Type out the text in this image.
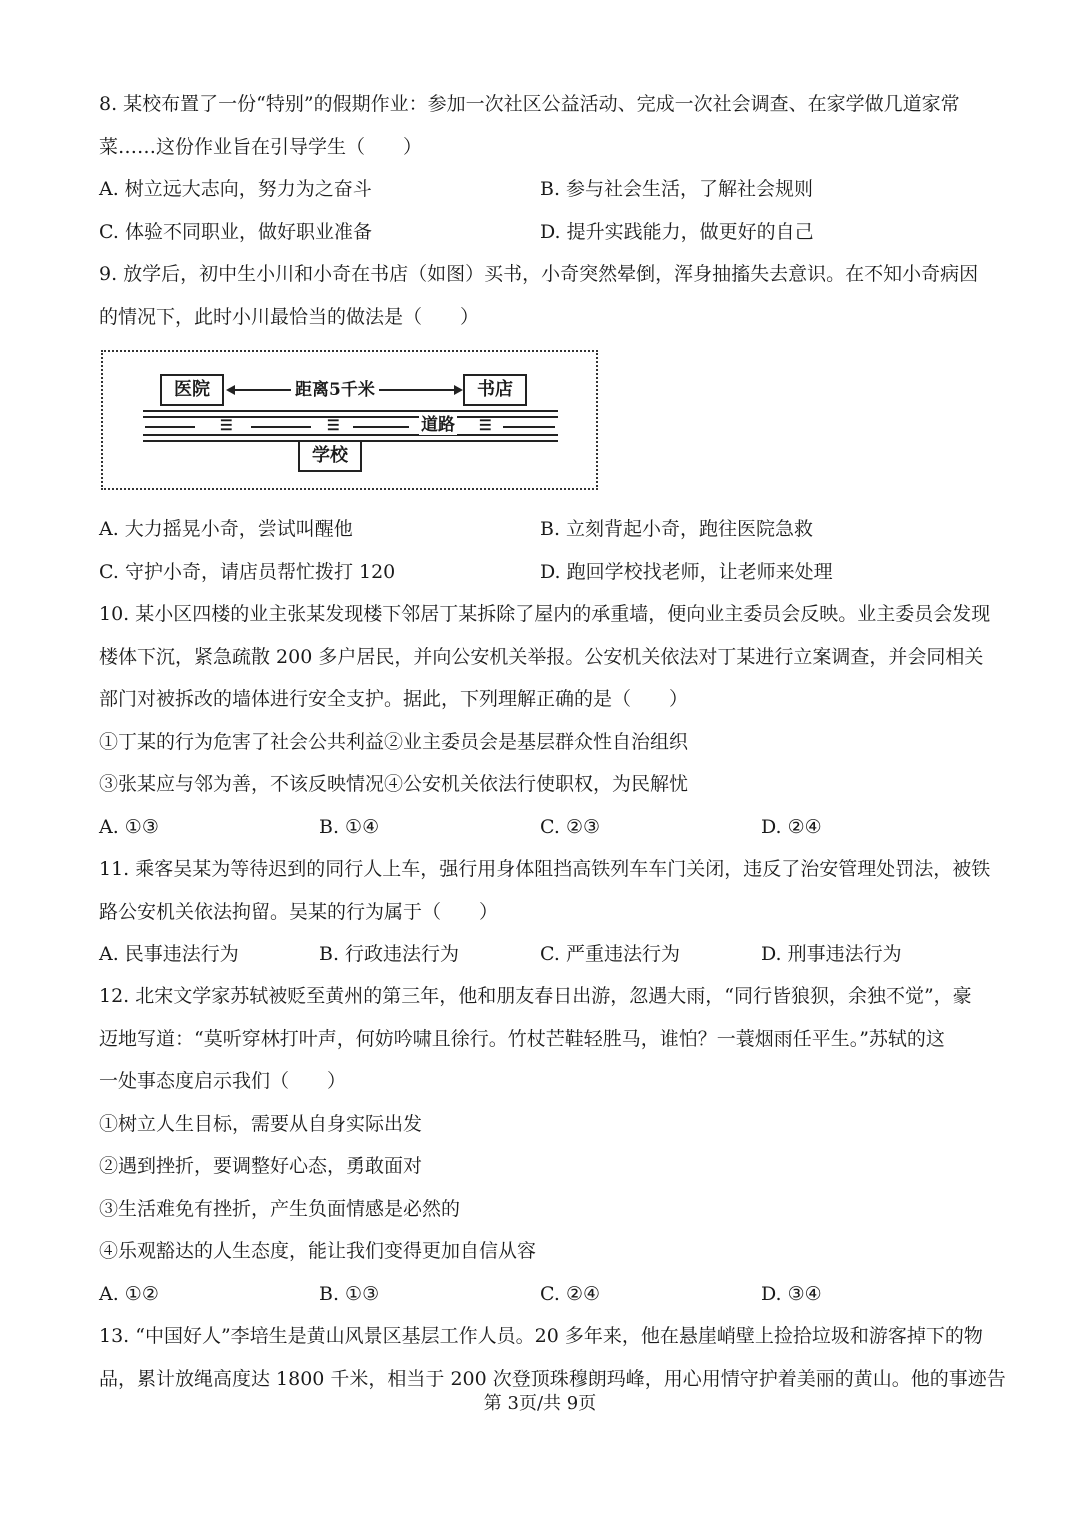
8. 某校布置了一份“特别”的假期作业：参加一次社区公益活动、完成一次社会调查、在家学做几道家常
菜……这份作业旨在引导学生（　　）
A. 树立远大志向，努力为之奋斗	B. 参与社会生活，了解社会规则
C. 体验不同职业，做好职业准备	D. 提升实践能力，做更好的自己
9. 放学后，初中生小川和小奇在书店（如图）买书，小奇突然晕倒，浑身抽搐失去意识。在不知小奇病因
的情况下，此时小川最恰当的做法是（　　）
医院	书店
距离5千米
☰	☰	☰
道路
学校
A. 大力摇晃小奇，尝试叫醒他	B. 立刻背起小奇，跑往医院急救
C. 守护小奇，请店员帮忙拨打 120	D. 跑回学校找老师，让老师来处理
10. 某小区四楼的业主张某发现楼下邻居丁某拆除了屋内的承重墙，便向业主委员会反映。业主委员会发现
楼体下沉，紧急疏散 200 多户居民，并向公安机关举报。公安机关依法对丁某进行立案调查，并会同相关
部门对被拆改的墙体进行安全支护。据此，下列理解正确的是（　　）
①丁某的行为危害了社会公共利益②业主委员会是基层群众性自治组织
③张某应与邻为善，不该反映情况④公安机关依法行使职权，为民解忧
A. ①③	B. ①④	C. ②③	D. ②④
11. 乘客吴某为等待迟到的同行人上车，强行用身体阻挡高铁列车车门关闭，违反了治安管理处罚法，被铁
路公安机关依法拘留。吴某的行为属于（　　）
A. 民事违法行为	B. 行政违法行为	C. 严重违法行为	D. 刑事违法行为
12. 北宋文学家苏轼被贬至黄州的第三年，他和朋友春日出游，忽遇大雨，“同行皆狼狈，余独不觉”，豪
迈地写道：“莫听穿林打叶声，何妨吟啸且徐行。竹杖芒鞋轻胜马，谁怕？一蓑烟雨任平生。”苏轼的这
一处事态度启示我们（　　）
①树立人生目标，需要从自身实际出发
②遇到挫折，要调整好心态，勇敢面对
③生活难免有挫折，产生负面情感是必然的
④乐观豁达的人生态度，能让我们变得更加自信从容
A. ①②	B. ①③	C. ②④	D. ③④
13. “中国好人”李培生是黄山风景区基层工作人员。20 多年来，他在悬崖峭壁上捡拾垃圾和游客掉下的物
品，累计放绳高度达 1800 千米，相当于 200 次登顶珠穆朗玛峰，用心用情守护着美丽的黄山。他的事迹告
第 3页/共 9页
